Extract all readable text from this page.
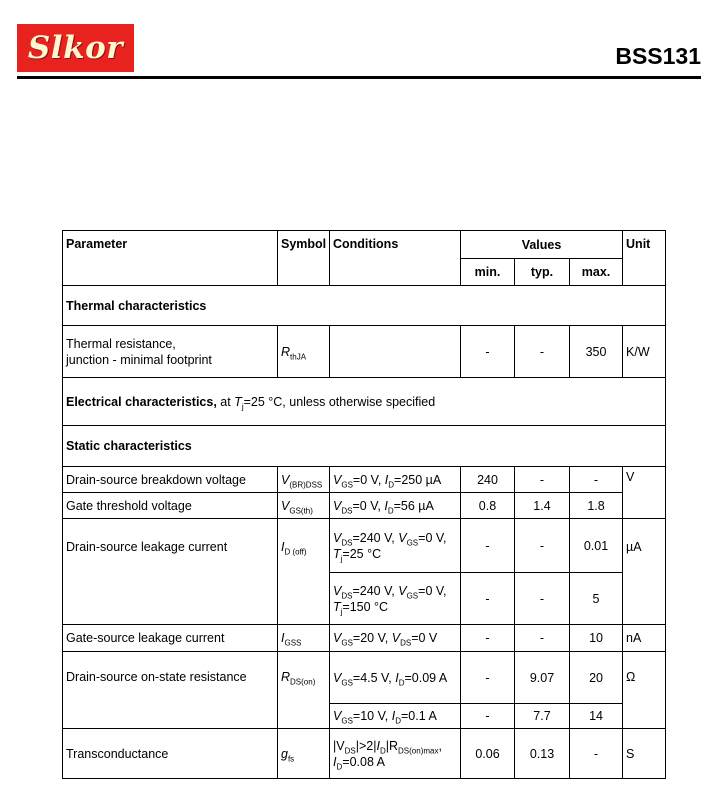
Slkor	BSS131
Parameter	Symbol	Conditions	Values			Unit
			min.	typ.	max.	
Thermal characteristics						
Thermal resistance,
junction - minimal footprint	$R_{thJA}$		-	-	350	K/W
Electrical characteristics, at $T_j=25$ °C, unless otherwise specified						
Static characteristics						
Drain-source breakdown voltage	$V_{(BR)DSS}$	$V_{GS}=0$ V, $I_D=250$ µA	240	-	-	V
Gate threshold voltage	$V_{GS(th)}$	$V_{DS}=0$ V, $I_D=56$ µA	0.8	1.4	1.8	
Drain-source leakage current	$I_{D (off)}$	$V_{DS}=240$ V, $V_{GS}=0$ V,
$T_j=25$ °C	-	-	0.01	µA
		$V_{DS}=240$ V, $V_{GS}=0$ V,
$T_j=150$ °C	-	-	5	
Gate-source leakage current	$I_{GSS}$	$V_{GS}=20$ V, $V_{DS}=0$ V	-	-	10	nA
Drain-source on-state resistance	$R_{DS(on)}$	$V_{GS}=4.5$ V, $I_D=0.09$ A	-	9.07	20	Ω
		$V_{GS}=10$ V, $I_D=0.1$ A	-	7.7	14	
Transconductance	$g_{fs}$	$|V_{DS}|>2|I_D|R_{DS(on)max}$,
$I_D=0.08$ A	0.06	0.13	-	S
